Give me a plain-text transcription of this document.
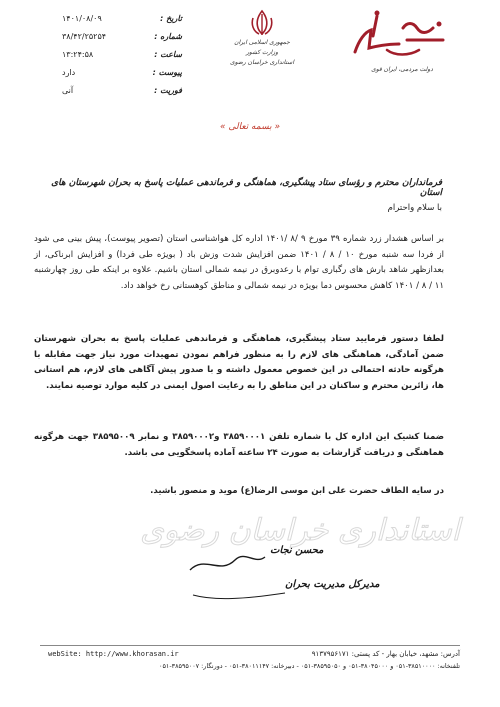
تاریخ :
۱۴۰۱/۰۸/۰۹
شماره :
۳۸/۴۲/۲۵۲۵۴
ساعت :
۱۳:۲۴:۵۸
پیوست :
دارد
فوریت :
آنی
جمهوری اسلامی ایران
وزارت کشور
استانداری خراسان رضوی
دولت مردمی، ایران قوی
« بسمه تعالی »
فرمانداران محترم و رؤسای ستاد پیشگیری، هماهنگی و فرماندهی عملیات پاسخ به بحران شهرستان های استان
با سلام واحترام
بر اساس هشدار زرد شماره ۳۹ مورخ ۹ /۸ /۱۴۰۱ اداره کل هواشناسی استان (تصویر پیوست)، پیش بینی می شود از فردا سه شنبه مورخ ۱۰ / ۸ / ۱۴۰۱ ضمن افزایش شدت وزش باد ( بویژه طی فردا) و افزایش ابرناکی، از بعدازظهر شاهد بارش های رگباری توام با رعدوبرق در نیمه شمالی استان باشیم. علاوه بر اینکه طی روز چهارشنبه ۱۱ / ۸ / ۱۴۰۱ کاهش محسوس دما بویژه در نیمه شمالی و مناطق کوهستانی رخ خواهد داد.
لطفا دستور فرمایید ستاد پیشگیری، هماهنگی و فرماندهی عملیات پاسخ به بحران شهرستان ضمن آمادگی، هماهنگی های لازم را به منظور فراهم نمودن تمهیدات مورد نیاز جهت مقابله با هرگونه حادثه احتمالی در این خصوص معمول داشته و با صدور پیش آگاهی های لازم، هم استانی ها، زائرین محترم و ساکنان در این مناطق را به رعایت اصول ایمنی در کلیه موارد توصیه نمایند.
ضمنا کشیک این اداره کل با شماره تلفن ۳۸۵۹۰۰۰۱ و۳۸۵۹۰۰۰۲ و نمابر ۳۸۵۹۵۰۰۹ جهت هرگونه هماهنگی و دریافت گزارشات به صورت ۲۴ ساعته آماده پاسخگویی می باشد.
در سایه الطاف حضرت علی ابن موسی الرضا(ع) موید و منصور باشید.
استانداری خراسان رضوی
محسن نجات
مدیرکل مدیریت بحران
webSite: http://www.khorasan.ir	آدرس: مشهد، خیابان بهار - کد پستی: ۹۱۳۷۹۵۶۱۷۱
تلفنخانه: ۳۸۵۱۰۰۰۰-۰۵۱ و ۳۸۰۴۵۰۰۰-۰۵۱ و ۳۸۵۹۵۰۵۰-۰۵۱ - دبیرخانه: ۳۸۰۱۱۱۴۷-۰۵۱ - دورنگار: ۳۸۵۹۵۰۰۷-۰۵۱
